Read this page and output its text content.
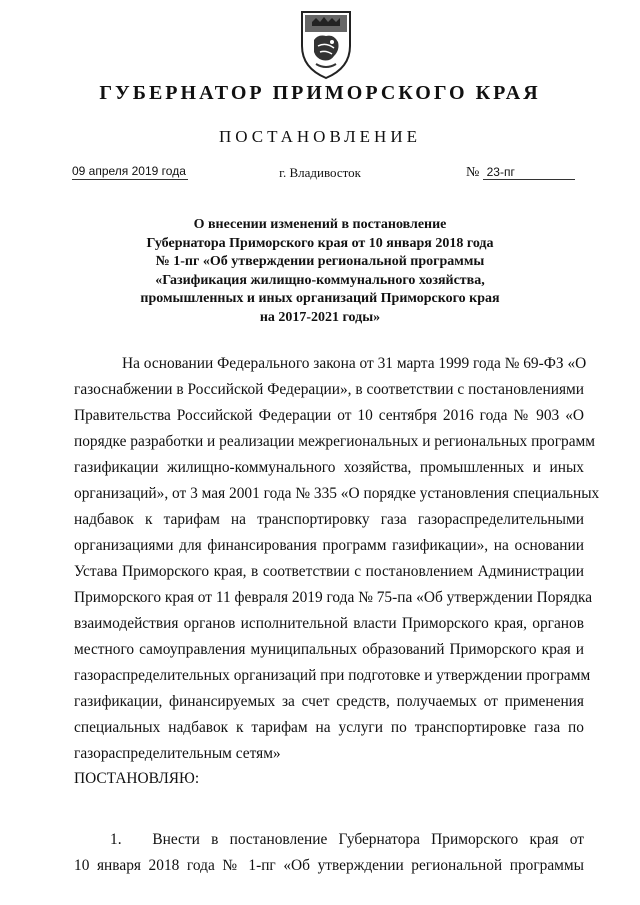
ГУБЕРНАТОР ПРИМОРСКОГО КРАЯ
ПОСТАНОВЛЕНИЕ
09 апреля 2019 года	г. Владивосток	№ 23-пг
О внесении изменений в постановление
Губернатора Приморского края от 10 января 2018 года
№ 1-пг «Об утверждении региональной программы
«Газификация жилищно-коммунального хозяйства,
промышленных и иных организаций Приморского края
на 2017-2021 годы»
На основании Федерального закона от 31 марта 1999 года № 69-ФЗ «О
газоснабжении в Российской Федерации», в соответствии с постановлениями
Правительства Российской Федерации от 10 сентября 2016 года № 903 «О
порядке разработки и реализации межрегиональных и региональных программ
газификации жилищно-коммунального хозяйства, промышленных и иных
организаций», от 3 мая 2001 года № 335 «О порядке установления специальных
надбавок к тарифам на транспортировку газа газораспределительными
организациями для финансирования программ газификации», на основании
Устава Приморского края, в соответствии с постановлением Администрации
Приморского края от 11 февраля 2019 года № 75-па «Об утверждении Порядка
взаимодействия органов исполнительной власти Приморского края, органов
местного самоуправления муниципальных образований Приморского края и
газораспределительных организаций при подготовке и утверждении программ
газификации, финансируемых за счет средств, получаемых от применения
специальных надбавок к тарифам на услуги по транспортировке газа по
газораспределительным сетям»
ПОСТАНОВЛЯЮ:
1.  Внести в постановление Губернатора Приморского края от
10 января 2018 года № 1-пг «Об утверждении региональной программы
